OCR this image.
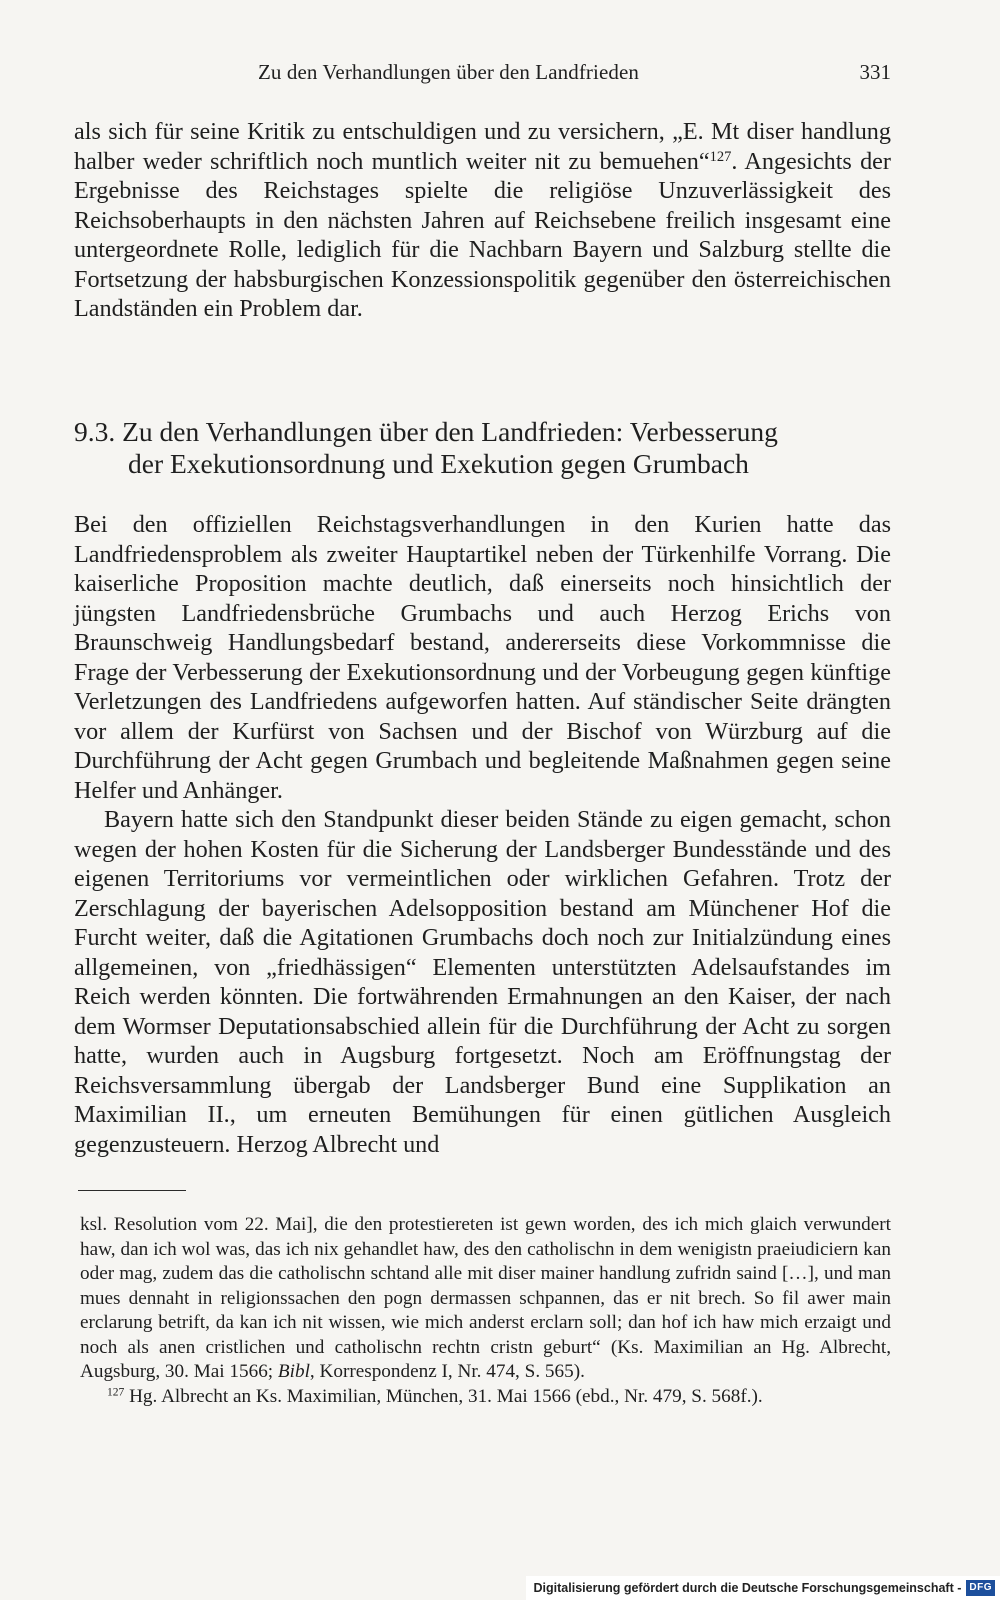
Zu den Verhandlungen über den Landfrieden	331

als sich für seine Kritik zu entschuldigen und zu versichern, „E. Mt diser handlung halber weder schriftlich noch muntlich weiter nit zu bemuehen“$^{127}$. Angesichts der Ergebnisse des Reichstages spielte die religiöse Unzuverlässigkeit des Reichsoberhaupts in den nächsten Jahren auf Reichsebene freilich insgesamt eine untergeordnete Rolle, lediglich für die Nachbarn Bayern und Salzburg stellte die Fortsetzung der habsburgischen Konzessionspolitik gegenüber den österreichischen Landständen ein Problem dar.

9.3. Zu den Verhandlungen über den Landfrieden: Verbesserung
der Exekutionsordnung und Exekution gegen Grumbach

Bei den offiziellen Reichstagsverhandlungen in den Kurien hatte das Landfriedensproblem als zweiter Hauptartikel neben der Türkenhilfe Vorrang. Die kaiserliche Proposition machte deutlich, daß einerseits noch hinsichtlich der jüngsten Landfriedensbrüche Grumbachs und auch Herzog Erichs von Braunschweig Handlungsbedarf bestand, andererseits diese Vorkommnisse die Frage der Verbesserung der Exekutionsordnung und der Vorbeugung gegen künftige Verletzungen des Landfriedens aufgeworfen hatten. Auf ständischer Seite drängten vor allem der Kurfürst von Sachsen und der Bischof von Würzburg auf die Durchführung der Acht gegen Grumbach und begleitende Maßnahmen gegen seine Helfer und Anhänger.

Bayern hatte sich den Standpunkt dieser beiden Stände zu eigen gemacht, schon wegen der hohen Kosten für die Sicherung der Landsberger Bundesstände und des eigenen Territoriums vor vermeintlichen oder wirklichen Gefahren. Trotz der Zerschlagung der bayerischen Adelsopposition bestand am Münchener Hof die Furcht weiter, daß die Agitationen Grumbachs doch noch zur Initialzündung eines allgemeinen, von „friedhässigen“ Elementen unterstützten Adelsaufstandes im Reich werden könnten. Die fortwährenden Ermahnungen an den Kaiser, der nach dem Wormser Deputationsabschied allein für die Durchführung der Acht zu sorgen hatte, wurden auch in Augsburg fortgesetzt. Noch am Eröffnungstag der Reichsversammlung übergab der Landsberger Bund eine Supplikation an Maximilian II., um erneuten Bemühungen für einen gütlichen Ausgleich gegenzusteuern. Herzog Albrecht und

ksl. Resolution vom 22. Mai], die den protestiereten ist gewn worden, des ich mich glaich verwundert haw, dan ich wol was, das ich nix gehandlet haw, des den catholischn in dem wenigistn praeiudiciern kan oder mag, zudem das die catholischn schtand alle mit diser mainer handlung zufridn saind […], und man mues dennaht in religionssachen den pogn dermassen schpannen, das er nit brech. So fil awer main erclarung betrift, da kan ich nit wissen, wie mich anderst erclarn soll; dan hof ich haw mich erzaigt und noch als anen cristlichen und catholischn rechtn cristn geburt“ (Ks. Maximilian an Hg. Albrecht, Augsburg, 30. Mai 1566; Bibl, Korrespondenz I, Nr. 474, S. 565).

$^{127}$ Hg. Albrecht an Ks. Maximilian, München, 31. Mai 1566 (ebd., Nr. 479, S. 568f.).

Digitalisierung gefördert durch die Deutsche Forschungsgemeinschaft - DFG
